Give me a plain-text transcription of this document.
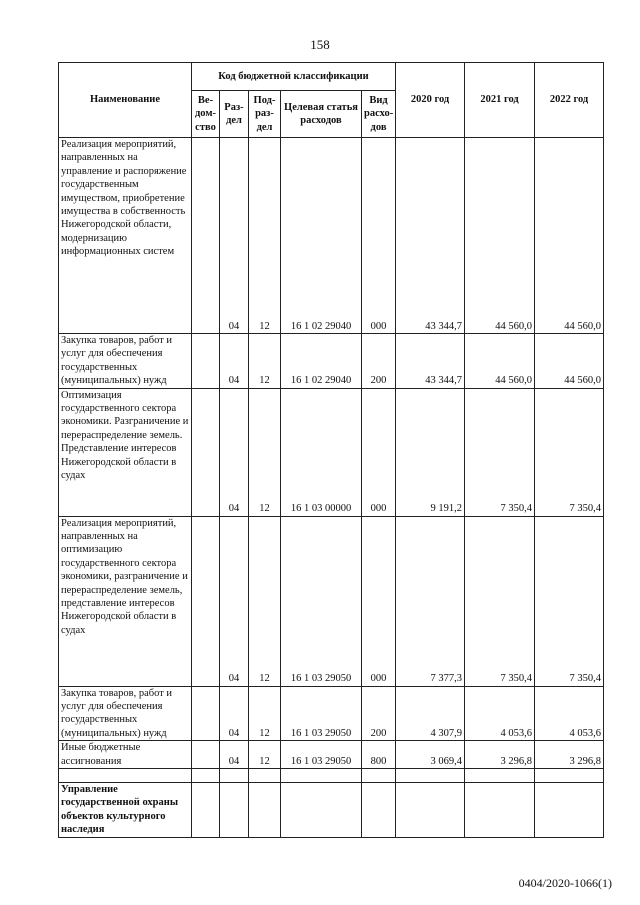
158
Наименование	Код бюджетной классификации					2020 год	2021 год	2022 год
	Ве-дом-ство	Раз-дел	Под-раз-дел	Целевая статья расходов	Вид расхо-дов			
Реализация мероприятий, направленных на управление и распоряжение государственным имуществом, приобретение имущества в собственность Нижегородской области, модернизацию информационных систем		04	12	16 1 02 29040	000	43 344,7	44 560,0	44 560,0
Закупка товаров, работ и услуг для обеспечения государственных (муниципальных) нужд		04	12	16 1 02 29040	200	43 344,7	44 560,0	44 560,0
Оптимизация государственного сектора экономики. Разграничение и перераспределение земель. Представление интересов Нижегородской области в судах		04	12	16 1 03 00000	000	9 191,2	7 350,4	7 350,4
Реализация мероприятий, направленных на оптимизацию государственного сектора экономики, разграничение и перераспределение земель, представление интересов Нижегородской области в судах		04	12	16 1 03 29050	000	7 377,3	7 350,4	7 350,4
Закупка товаров, работ и услуг для обеспечения государственных (муниципальных) нужд		04	12	16 1 03 29050	200	4 307,9	4 053,6	4 053,6
Иные бюджетные ассигнования		04	12	16 1 03 29050	800	3 069,4	3 296,8	3 296,8

Управление государственной охраны объектов культурного наследия								
0404/2020-1066(1)
